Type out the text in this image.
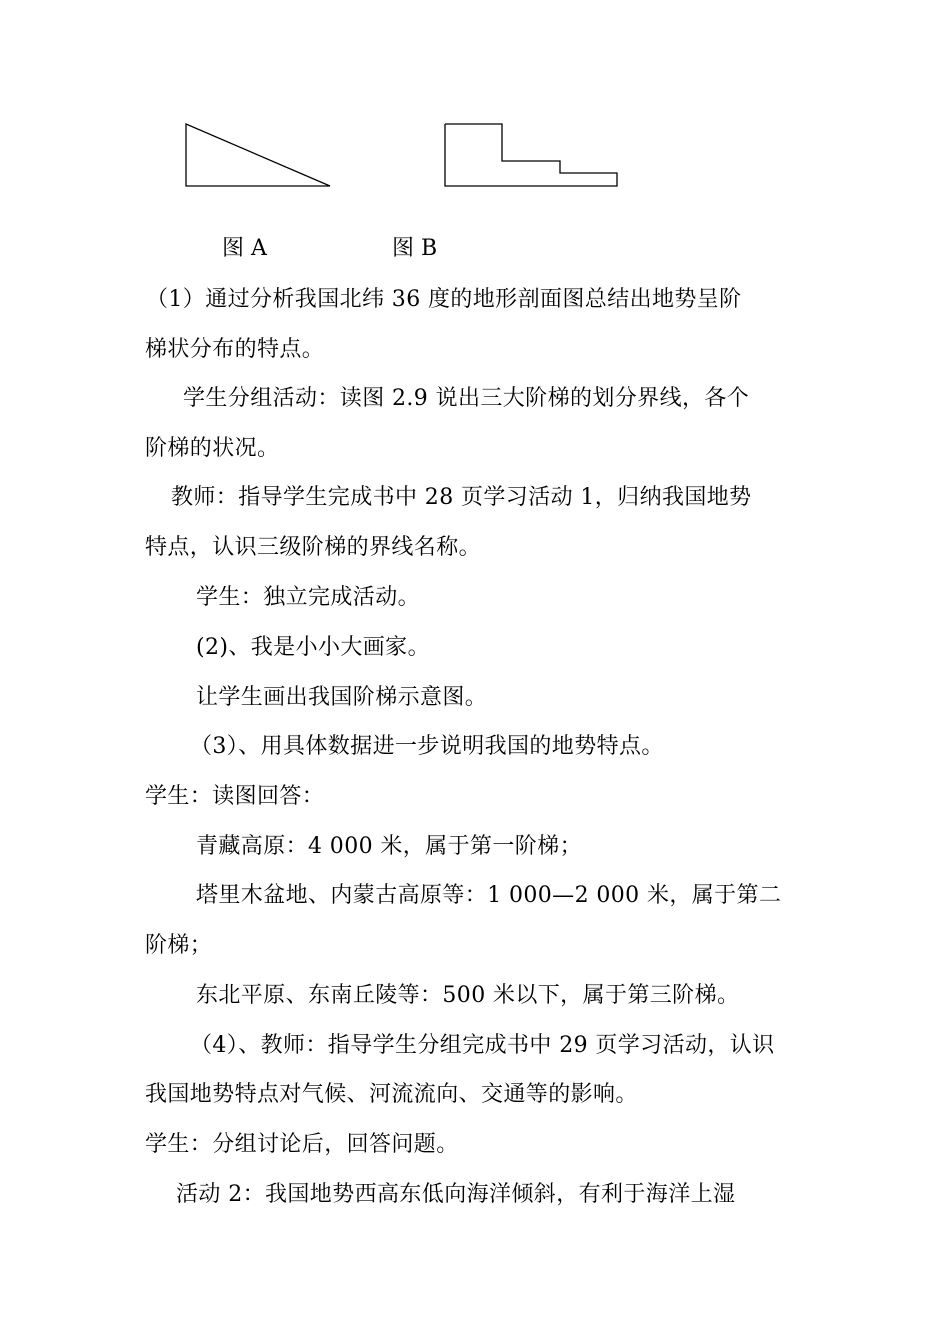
图 A	图 B
（1）通过分析我国北纬 36 度的地形剖面图总结出地势呈阶
梯状分布的特点。
学生分组活动：读图 2.9 说出三大阶梯的划分界线，各个
阶梯的状况。
教师：指导学生完成书中 28 页学习活动 1，归纳我国地势
特点，认识三级阶梯的界线名称。
学生：独立完成活动。
(2)、我是小小大画家。
让学生画出我国阶梯示意图。
（3）、用具体数据进一步说明我国的地势特点。
学生：读图回答：
青藏高原：4 000 米，属于第一阶梯；
塔里木盆地、内蒙古高原等：1 000—2 000 米，属于第二
阶梯；
东北平原、东南丘陵等：500 米以下，属于第三阶梯。
（4）、教师：指导学生分组完成书中 29 页学习活动，认识
我国地势特点对气候、河流流向、交通等的影响。
学生：分组讨论后，回答问题。
活动 2：我国地势西高东低向海洋倾斜，有利于海洋上湿
